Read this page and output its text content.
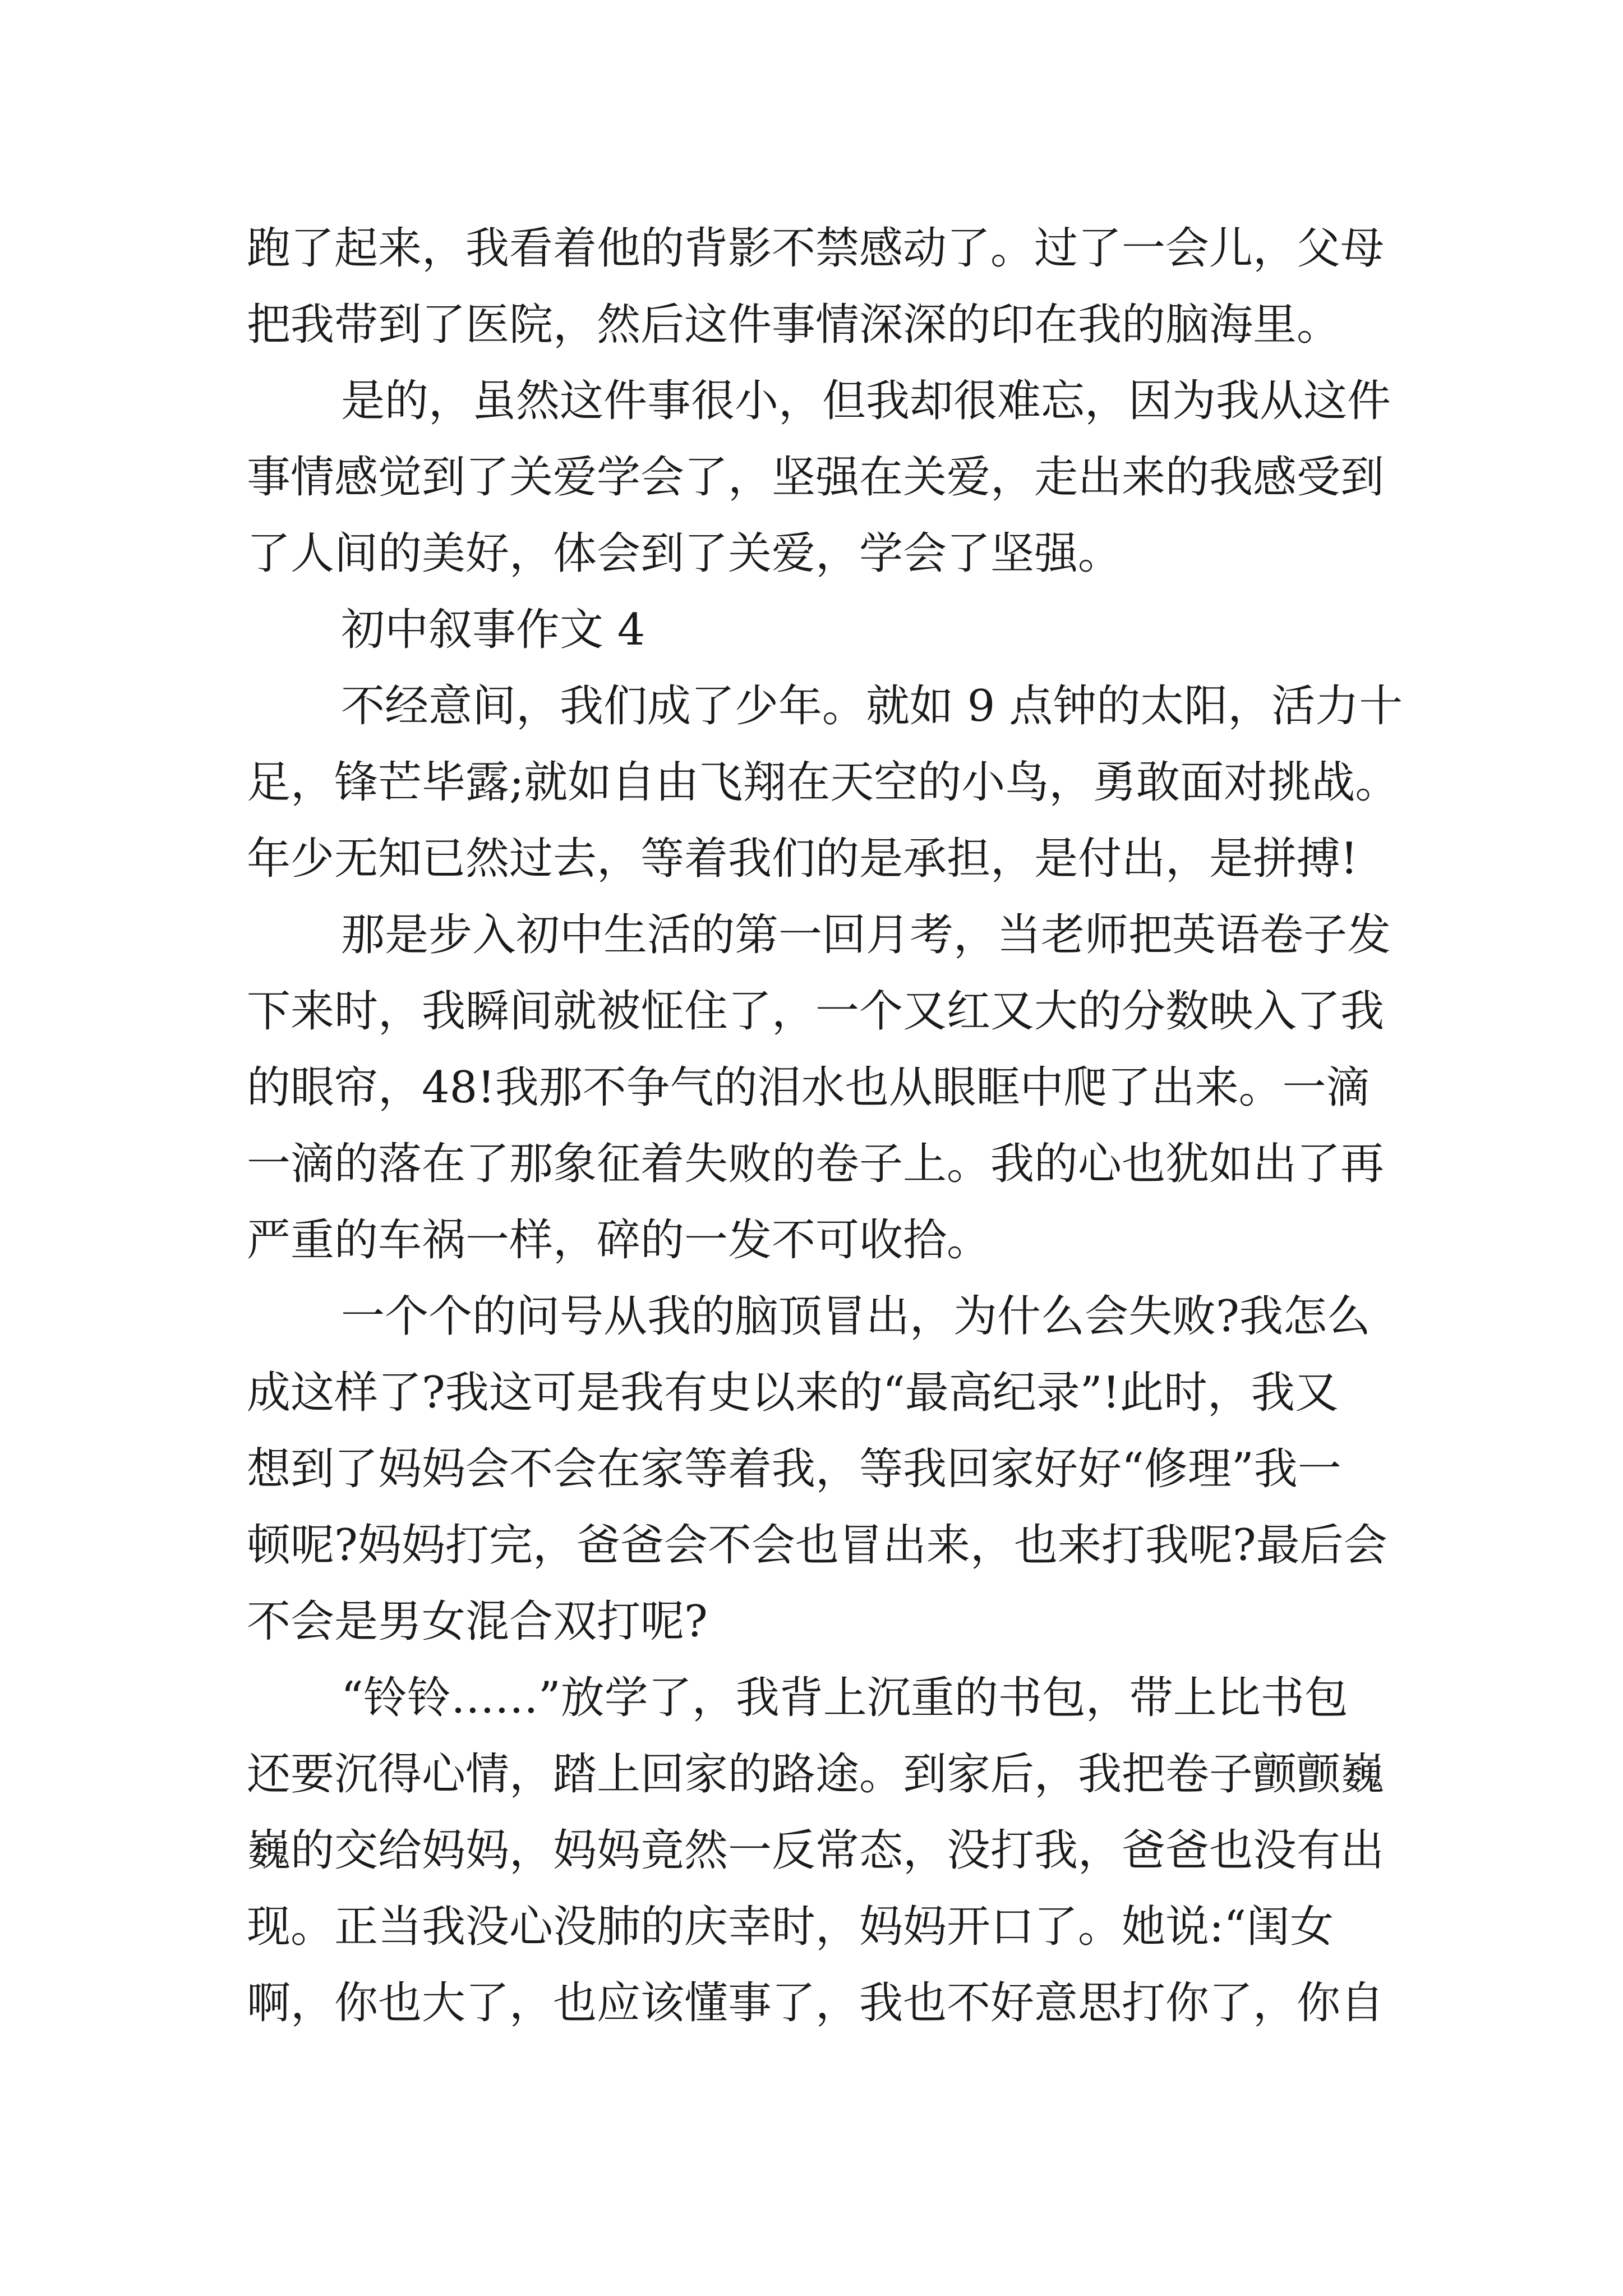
跑了起来，我看着他的背影不禁感动了。过了一会儿，父母
把我带到了医院，然后这件事情深深的印在我的脑海里。
是的，虽然这件事很小，但我却很难忘，因为我从这件
事情感觉到了关爱学会了，坚强在关爱，走出来的我感受到
了人间的美好，体会到了关爱，学会了坚强。
初中叙事作文 4
不经意间，我们成了少年。就如 9 点钟的太阳，活力十
足，锋芒毕露;就如自由飞翔在天空的小鸟，勇敢面对挑战。
年少无知已然过去，等着我们的是承担，是付出，是拼搏!
那是步入初中生活的第一回月考，当老师把英语卷子发
下来时，我瞬间就被怔住了，一个又红又大的分数映入了我
的眼帘，48!我那不争气的泪水也从眼眶中爬了出来。一滴
一滴的落在了那象征着失败的卷子上。我的心也犹如出了再
严重的车祸一样，碎的一发不可收拾。
一个个的问号从我的脑顶冒出，为什么会失败?我怎么
成这样了?我这可是我有史以来的“最高纪录”!此时，我又
想到了妈妈会不会在家等着我，等我回家好好“修理”我一
顿呢?妈妈打完，爸爸会不会也冒出来，也来打我呢?最后会
不会是男女混合双打呢?
“铃铃……”放学了，我背上沉重的书包，带上比书包
还要沉得心情，踏上回家的路途。到家后，我把卷子颤颤巍
巍的交给妈妈，妈妈竟然一反常态，没打我，爸爸也没有出
现。正当我没心没肺的庆幸时，妈妈开口了。她说:“闺女
啊，你也大了，也应该懂事了，我也不好意思打你了，你自
